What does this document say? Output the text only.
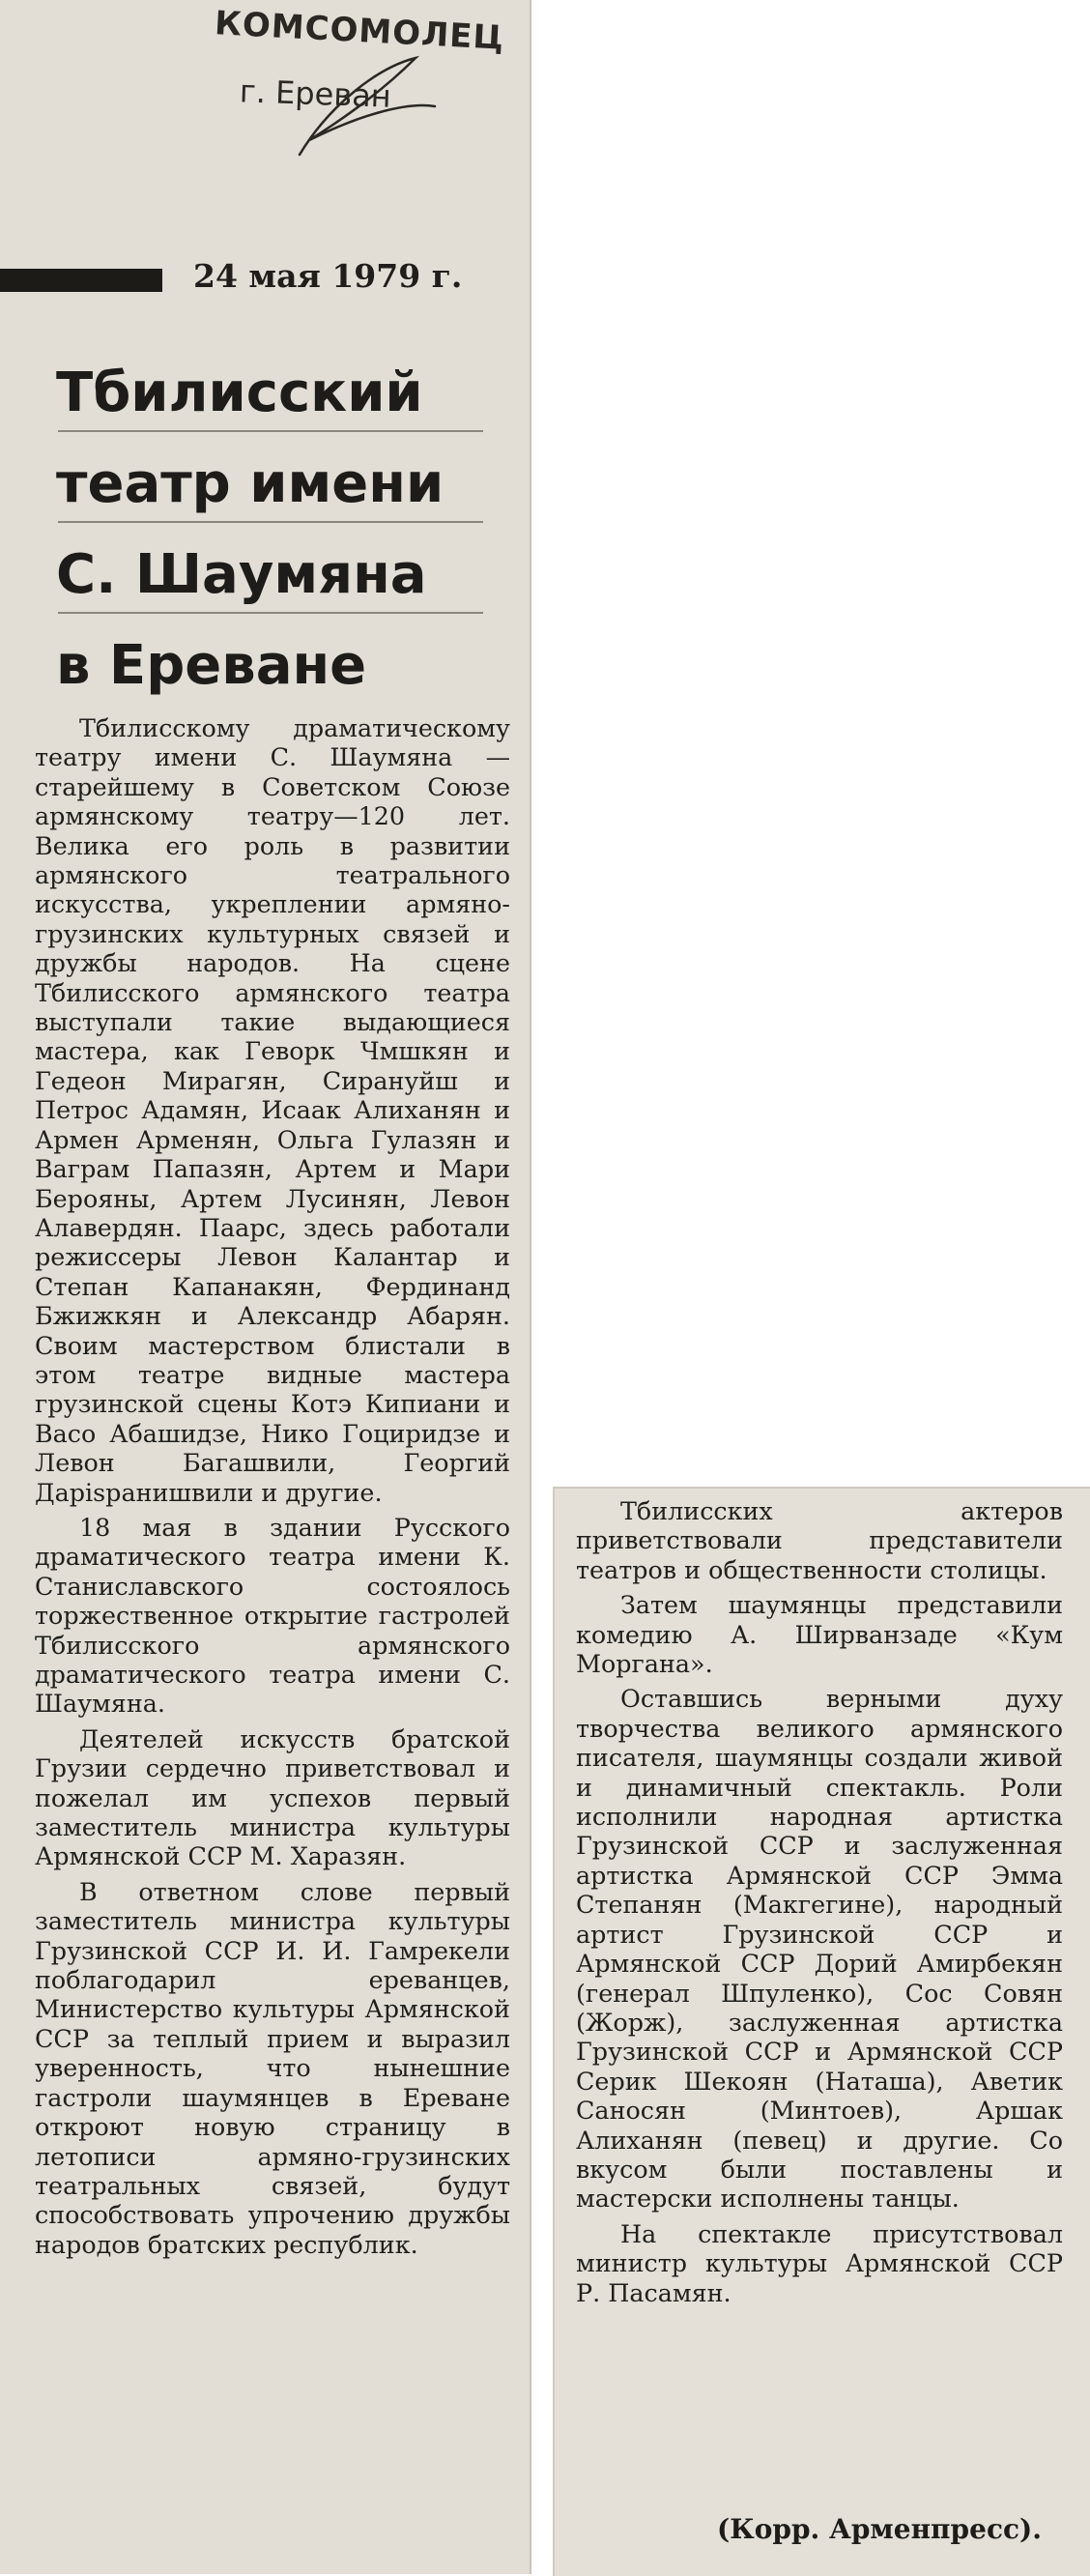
КОМСОМОЛЕЦ
г. Ереван
24 мая 1979 г.
Тбилисский
театр имени
С. Шаумяна
в Ереване

Тбилисскому драматическому театру имени С. Шаумяна — старейшему в Советском Союзе армянскому театру—120 лет. Велика его роль в развитии армянского театрального искусства, укреплении армяно-грузинских культурных связей и дружбы народов. На сцене Тбилисского армянского театра выступали такие выдающиеся мастера, как Геворк Чмшкян и Гедеон Мирагян, Сирануйш и Петрос Адамян, Исаак Алиханян и Армен Арменян, Ольга Гулазян и Ваграм Папазян, Артем и Мари Берояны, Артем Лусинян, Левон Алавердян. Паарс, здесь работали режиссеры Левон Калантар и Степан Капанакян, Фердинанд Бжижкян и Александр Абарян. Своим мастерством блистали в этом театре видные мастера грузинской сцены Котэ Кипиани и Васо Абашидзе, Нико Гоциридзе и Левон Багашвили, Георгий Дарispaнишвили и другие.

18 мая в здании Русского драматического театра имени К. Станиславского состоялось торжественное открытие гастролей Тбилисского армянского драматического театра имени С. Шаумяна.

Деятелей искусств братской Грузии сердечно приветствовал и пожелал им успехов первый заместитель министра культуры Армянской ССР М. Харазян.

В ответном слове первый заместитель министра культуры Грузинской ССР И. И. Гамрекели поблагодарил ереванцев, Министерство культуры Армянской ССР за теплый прием и выразил уверенность, что нынешние гастроли шаумянцев в Ереване откроют новую страницу в летописи армяно-грузинских театральных связей, будут способствовать упрочению дружбы народов братских республик.

Тбилисских актеров приветствовали представители театров и общественности столицы.

Затем шаумянцы представили комедию А. Ширванзаде «Кум Моргана».

Оставшись верными духу творчества великого армянского писателя, шаумянцы создали живой и динамичный спектакль. Роли исполнили народная артистка Грузинской ССР и заслуженная артистка Армянской ССР Эмма Степанян (Макгегине), народный артист Грузинской ССР и Армянской ССР Дорий Амирбекян (генерал Шпуленко), Сос Совян (Жорж), заслуженная артистка Грузинской ССР и Армянской ССР Серик Шекоян (Наташа), Аветик Саносян (Минтоев), Аршак Алиханян (певец) и другие. Со вкусом были поставлены и мастерски исполнены танцы.

На спектакле присутствовал министр культуры Армянской ССР Р. Пасамян.

(Корр. Арменпресс).
